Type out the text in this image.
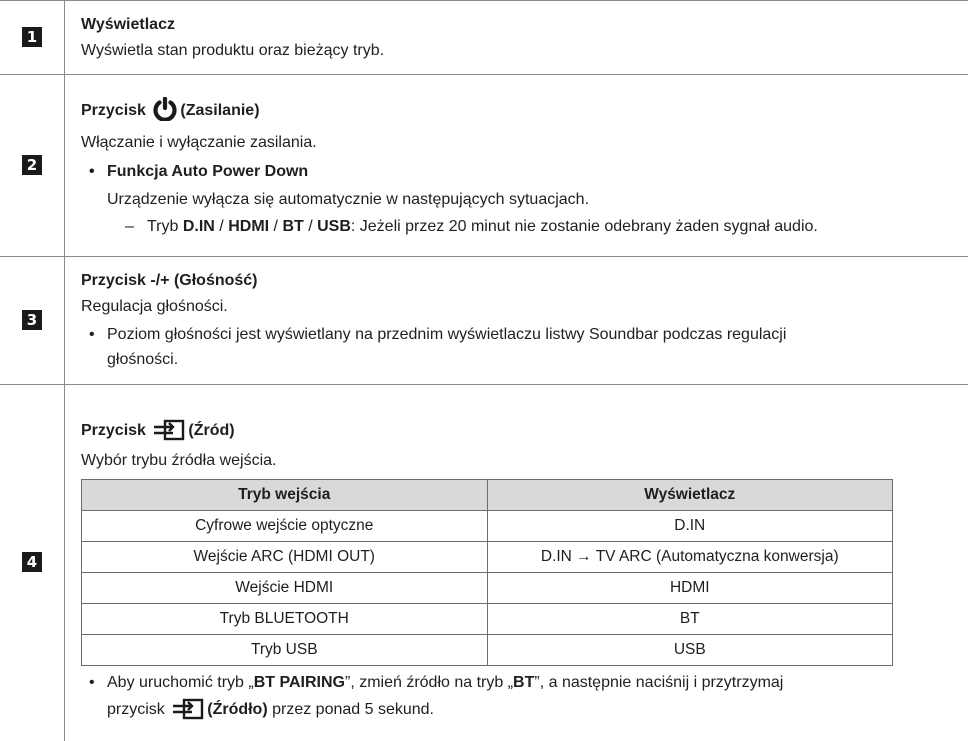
1	
Wyświetlacz
Wyświetla stan produktu oraz bieżący tryb.

2	
Przycisk (Zasilanie)
Włączanie i wyłączanie zasilania.
• Funkcja Auto Power Down
Urządzenie wyłącza się automatycznie w następujących sytuacjach.
– Tryb D.IN / HDMI / BT / USB: Jeżeli przez 20 minut nie zostanie odebrany żaden sygnał audio.

3	
Przycisk -/+ (Głośność)
Regulacja głośności.
• Poziom głośności jest wyświetlany na przednim wyświetlaczu listwy Soundbar podczas regulacji
głośności.

4	
Przycisk	(Źród)
Wybór trybu źródła wejścia.
Tryb wejścia	Wyświetlacz
Cyfrowe wejście optyczne	D.IN
Wejście ARC (HDMI OUT)	D.IN → TV ARC (Automatyczna konwersja)
Wejście HDMI	HDMI
Tryb BLUETOOTH	BT
Tryb USB	USB
• Aby uruchomić tryb „BT PAIRING”, zmień źródło na tryb „BT”, a następnie naciśnij i przytrzymaj
przycisk	(Źródło) przez ponad 5 sekund.
